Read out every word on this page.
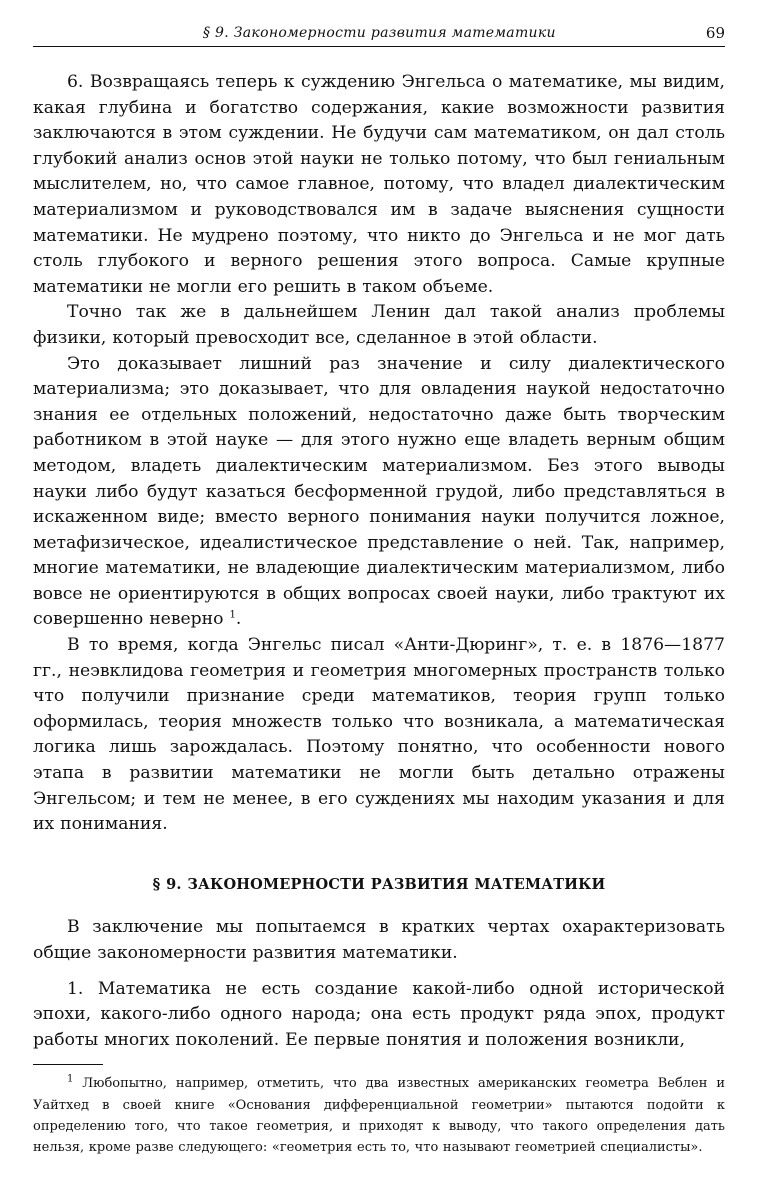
§ 9. Закономерности развития математики	69

6. Возвращаясь теперь к суждению Энгельса о математике, мы видим, какая глубина и богатство содержания, какие возможности развития заключаются в этом суждении. Не будучи сам математиком, он дал столь глубокий анализ основ этой науки не только потому, что был гениальным мыслителем, но, что самое главное, потому, что владел диалектическим материализмом и руководствовался им в задаче выяснения сущности математики. Не мудрено поэтому, что никто до Энгельса и не мог дать столь глубокого и верного решения этого вопроса. Самые крупные математики не могли его решить в таком объеме.

Точно так же в дальнейшем Ленин дал такой анализ проблемы физики, который превосходит все, сделанное в этой области.

Это доказывает лишний раз значение и силу диалектического материализма; это доказывает, что для овладения наукой недостаточно знания ее отдельных положений, недостаточно даже быть творческим работником в этой науке — для этого нужно еще владеть верным общим методом, владеть диалектическим материализмом. Без этого выводы науки либо будут казаться бесформенной грудой, либо представляться в искаженном виде; вместо верного понимания науки получится ложное, метафизическое, идеалистическое представление о ней. Так, например, многие математики, не владеющие диалектическим материализмом, либо вовсе не ориентируются в общих вопросах своей науки, либо трактуют их совершенно неверно $^1$.

В то время, когда Энгельс писал «Анти-Дюринг», т. е. в 1876—1877 гг., неэвклидова геометрия и геометрия многомерных пространств только что получили признание среди математиков, теория групп только оформилась, теория множеств только что возникала, а математическая логика лишь зарождалась. Поэтому понятно, что особенности нового этапа в развитии математики не могли быть детально отражены Энгельсом; и тем не менее, в его суждениях мы находим указания и для их понимания.

§ 9. ЗАКОНОМЕРНОСТИ РАЗВИТИЯ МАТЕМАТИКИ

В заключение мы попытаемся в кратких чертах охарактеризовать общие закономерности развития математики.

1. Математика не есть создание какой-либо одной исторической эпохи, какого-либо одного народа; она есть продукт ряда эпох, продукт работы многих поколений. Ее первые понятия и положения возникли,

$^1$ Любопытно, например, отметить, что два известных американских геометра Веблен и Уайтхед в своей книге «Основания дифференциальной геометрии» пытаются подойти к определению того, что такое геометрия, и приходят к выводу, что такого определения дать нельзя, кроме разве следующего: «геометрия есть то, что называют геометрией специалисты».
